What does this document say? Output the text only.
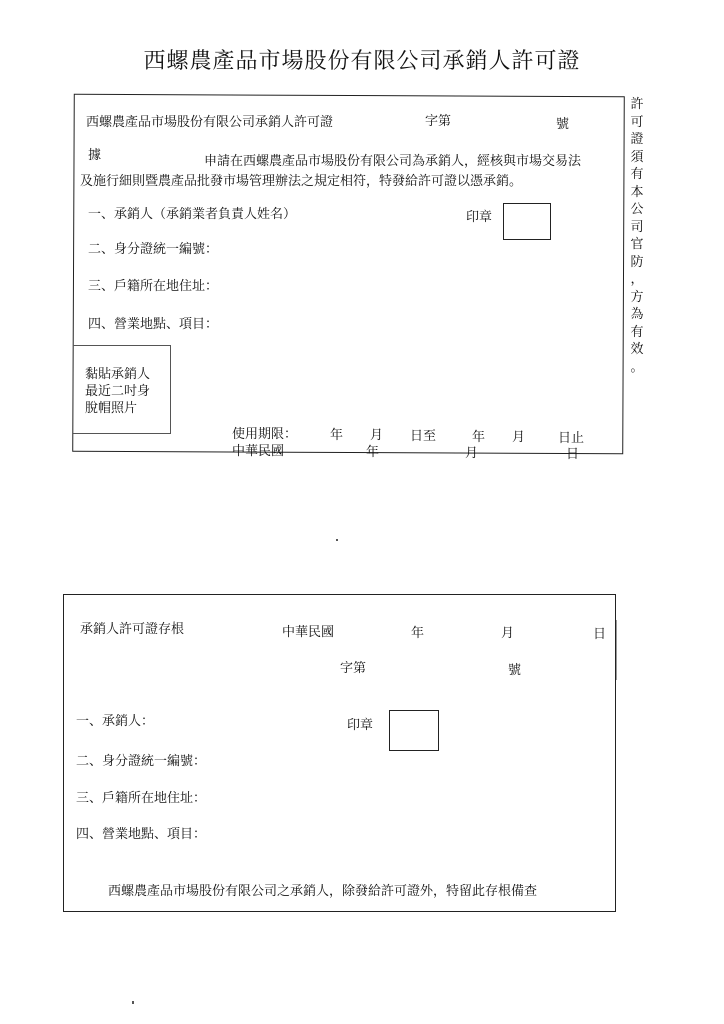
西螺農產品市場股份有限公司承銷人許可證
西螺農產品市場股份有限公司承銷人許可證	字第	號
據	申請在西螺農產品市場股份有限公司為承銷人，經核與市場交易法
及施行細則暨農產品批發市場管理辦法之規定相符，特發給許可證以憑承銷。
一、承銷人（承銷業者負責人姓名）	印章
二、身分證統一編號：
三、戶籍所在地住址：
四、營業地點、項目：
黏貼承銷人
最近二吋身
脫帽照片
使用期限：	年 月 日至	年 月	日止
中華民國	年	月	日
許
可
證
須
有
本
公
司
官
防
，
方
為
有
效
。
承銷人許可證存根	中華民國	年	月	日
字第	號
一、承銷人：	印章
二、身分證統一編號：
三、戶籍所在地住址：
四、營業地點、項目：
西螺農產品市場股份有限公司之承銷人，除發給許可證外，特留此存根備查
